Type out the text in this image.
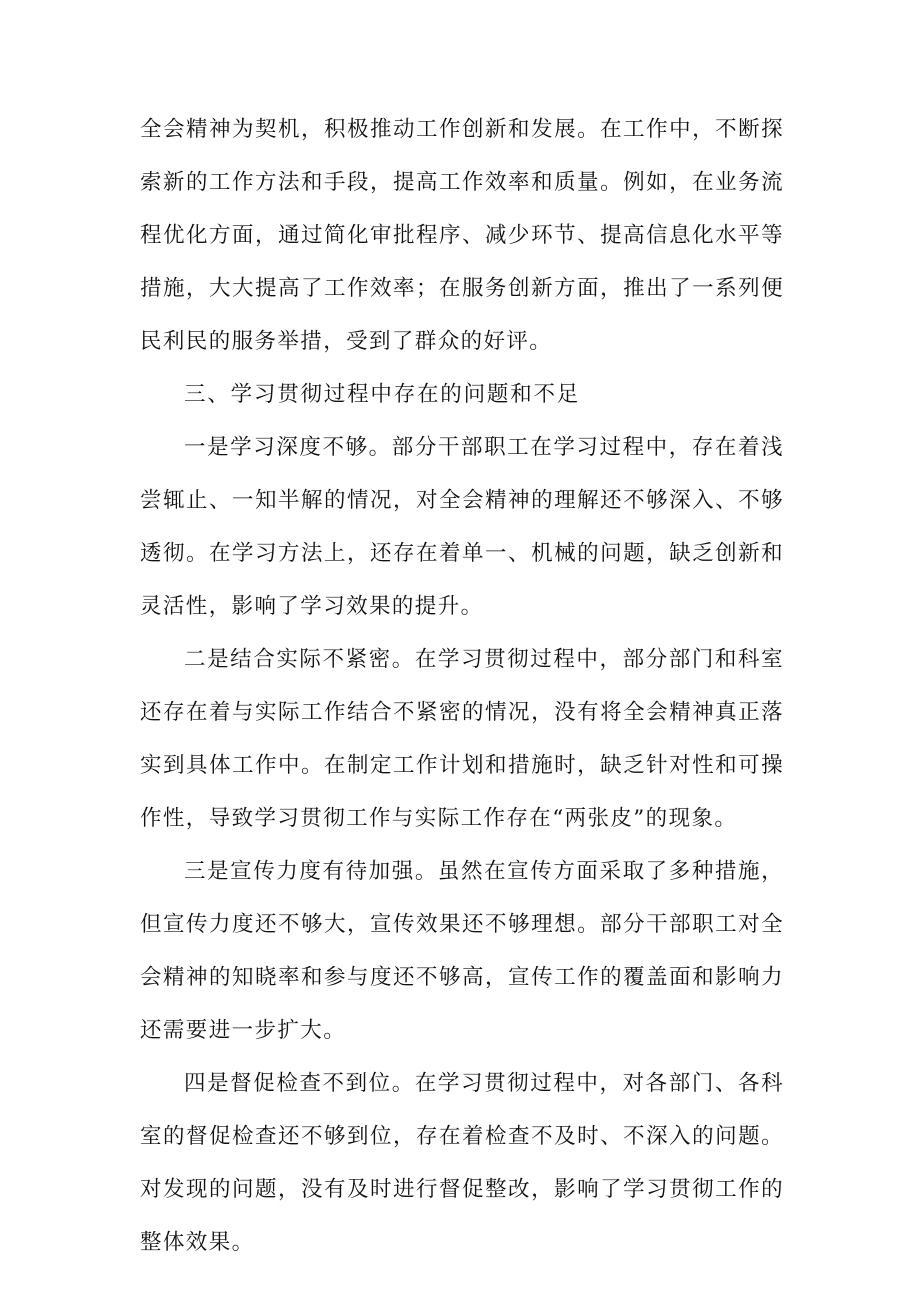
全会精神为契机，积极推动工作创新和发展。在工作中，不断探索新的工作方法和手段，提高工作效率和质量。例如，在业务流程优化方面，通过简化审批程序、减少环节、提高信息化水平等措施，大大提高了工作效率；在服务创新方面，推出了一系列便民利民的服务举措，受到了群众的好评。

三、学习贯彻过程中存在的问题和不足

一是学习深度不够。部分干部职工在学习过程中，存在着浅尝辄止、一知半解的情况，对全会精神的理解还不够深入、不够透彻。在学习方法上，还存在着单一、机械的问题，缺乏创新和灵活性，影响了学习效果的提升。

二是结合实际不紧密。在学习贯彻过程中，部分部门和科室还存在着与实际工作结合不紧密的情况，没有将全会精神真正落实到具体工作中。在制定工作计划和措施时，缺乏针对性和可操作性，导致学习贯彻工作与实际工作存在“两张皮”的现象。

三是宣传力度有待加强。虽然在宣传方面采取了多种措施，但宣传力度还不够大，宣传效果还不够理想。部分干部职工对全会精神的知晓率和参与度还不够高，宣传工作的覆盖面和影响力还需要进一步扩大。

四是督促检查不到位。在学习贯彻过程中，对各部门、各科室的督促检查还不够到位，存在着检查不及时、不深入的问题。对发现的问题，没有及时进行督促整改，影响了学习贯彻工作的整体效果。
